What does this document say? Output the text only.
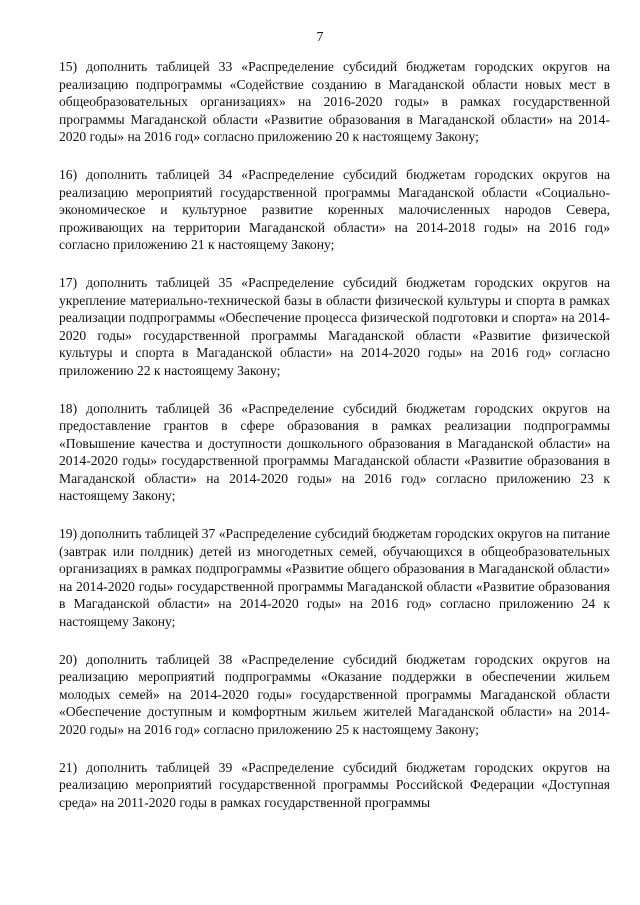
7

15) дополнить таблицей 33 «Распределение субсидий бюджетам городских округов на реализацию подпрограммы «Содействие созданию в Магаданской области новых мест в общеобразовательных организациях» на 2016-2020 годы» в рамках государственной программы Магаданской области «Развитие образования в Магаданской области» на 2014-2020 годы» на 2016 год» согласно приложению 20 к настоящему Закону;

16) дополнить таблицей 34 «Распределение субсидий бюджетам городских округов на реализацию мероприятий государственной программы Магаданской области «Социально-экономическое и культурное развитие коренных малочисленных народов Севера, проживающих на территории Магаданской области» на 2014-2018 годы» на 2016 год» согласно приложению 21 к настоящему Закону;

17) дополнить таблицей 35 «Распределение субсидий бюджетам городских округов на укрепление материально-технической базы в области физической культуры и спорта в рамках реализации подпрограммы «Обеспечение процесса физической подготовки и спорта» на 2014-2020 годы» государственной программы Магаданской области «Развитие физической культуры и спорта в Магаданской области» на 2014-2020 годы» на 2016 год» согласно приложению 22 к настоящему Закону;

18) дополнить таблицей 36 «Распределение субсидий бюджетам городских округов на предоставление грантов в сфере образования в рамках реализации подпрограммы «Повышение качества и доступности дошкольного образования в Магаданской области» на 2014-2020 годы» государственной программы Магаданской области «Развитие образования в Магаданской области» на 2014-2020 годы» на 2016 год» согласно приложению 23 к настоящему Закону;

19) дополнить таблицей 37 «Распределение субсидий бюджетам городских округов на питание (завтрак или полдник) детей из многодетных семей, обучающихся в общеобразовательных организациях в рамках подпрограммы «Развитие общего образования в Магаданской области» на 2014-2020 годы» государственной программы Магаданской области «Развитие образования в Магаданской области» на 2014-2020 годы» на 2016 год» согласно приложению 24 к настоящему Закону;

20) дополнить таблицей 38 «Распределение субсидий бюджетам городских округов на реализацию мероприятий подпрограммы «Оказание поддержки в обеспечении жильем молодых семей» на 2014-2020 годы» государственной программы Магаданской области «Обеспечение доступным и комфортным жильем жителей Магаданской области» на 2014-2020 годы» на 2016 год» согласно приложению 25 к настоящему Закону;

21) дополнить таблицей 39 «Распределение субсидий бюджетам городских округов на реализацию мероприятий государственной программы Российской Федерации «Доступная среда» на 2011-2020 годы в рамках государственной программы
